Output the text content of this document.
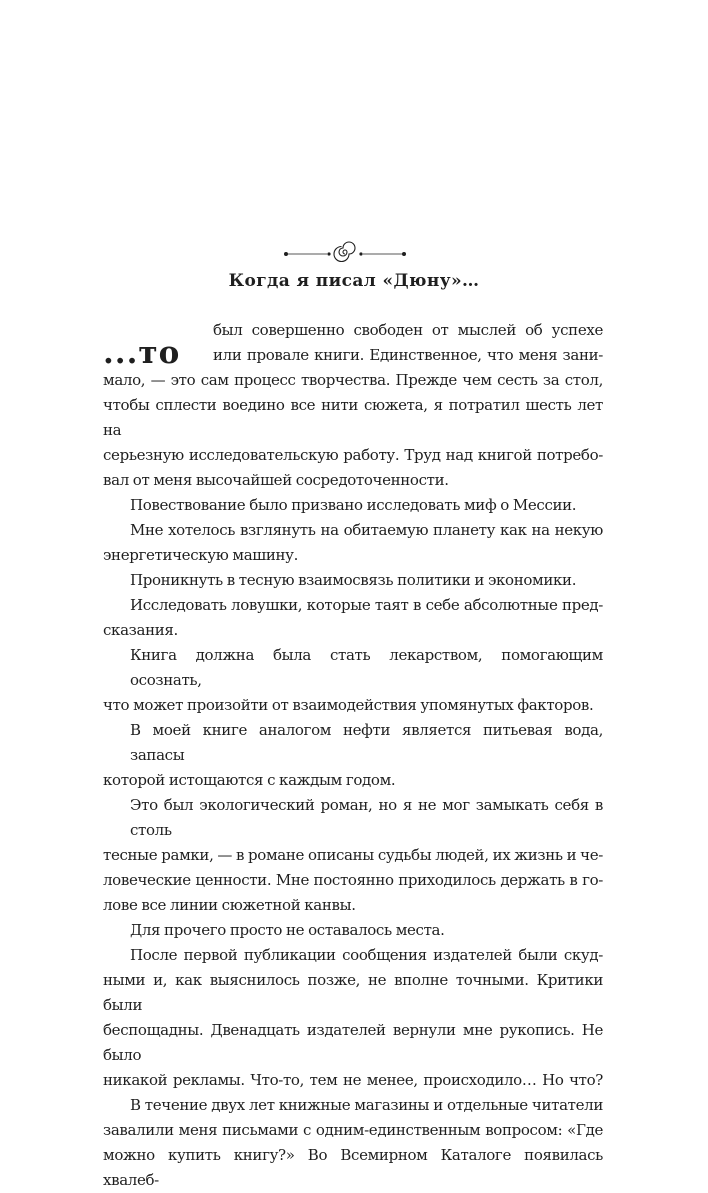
Когда я писал «Дюну»…
...то
был совершенно свободен от мыслей об успехе
или провале книги. Единственное, что меня зани-
мало, — это сам процесс творчества. Прежде чем сесть за стол,
чтобы сплести воедино все нити сюжета, я потратил шесть лет на
серьезную исследовательскую работу. Труд над книгой потребо-
вал от меня высочайшей сосредоточенности.
Повествование было призвано исследовать миф о Мессии.
Мне хотелось взглянуть на обитаемую планету как на некую
энергетическую машину.
Проникнуть в тесную взаимосвязь политики и экономики.
Исследовать ловушки, которые таят в себе абсолютные пред-
сказания.
Книга должна была стать лекарством, помогающим осознать,
что может произойти от взаимодействия упомянутых факторов.
В моей книге аналогом нефти является питьевая вода, запасы
которой истощаются с каждым годом.
Это был экологический роман, но я не мог замыкать себя в столь
тесные рамки, — в романе описаны судьбы людей, их жизнь и че-
ловеческие ценности. Мне постоянно приходилось держать в го-
лове все линии сюжетной канвы.
Для прочего просто не оставалось места.
После первой публикации сообщения издателей были скуд-
ными и, как выяснилось позже, не вполне точными. Критики были
беспощадны. Двенадцать издателей вернули мне рукопись. Не было
никакой рекламы. Что-то, тем не менее, происходило… Но что?
В течение двух лет книжные магазины и отдельные читатели
завалили меня письмами с одним-единственным вопросом: «Где
можно купить книгу?» Во Всемирном Каталоге появилась хвалеб-
